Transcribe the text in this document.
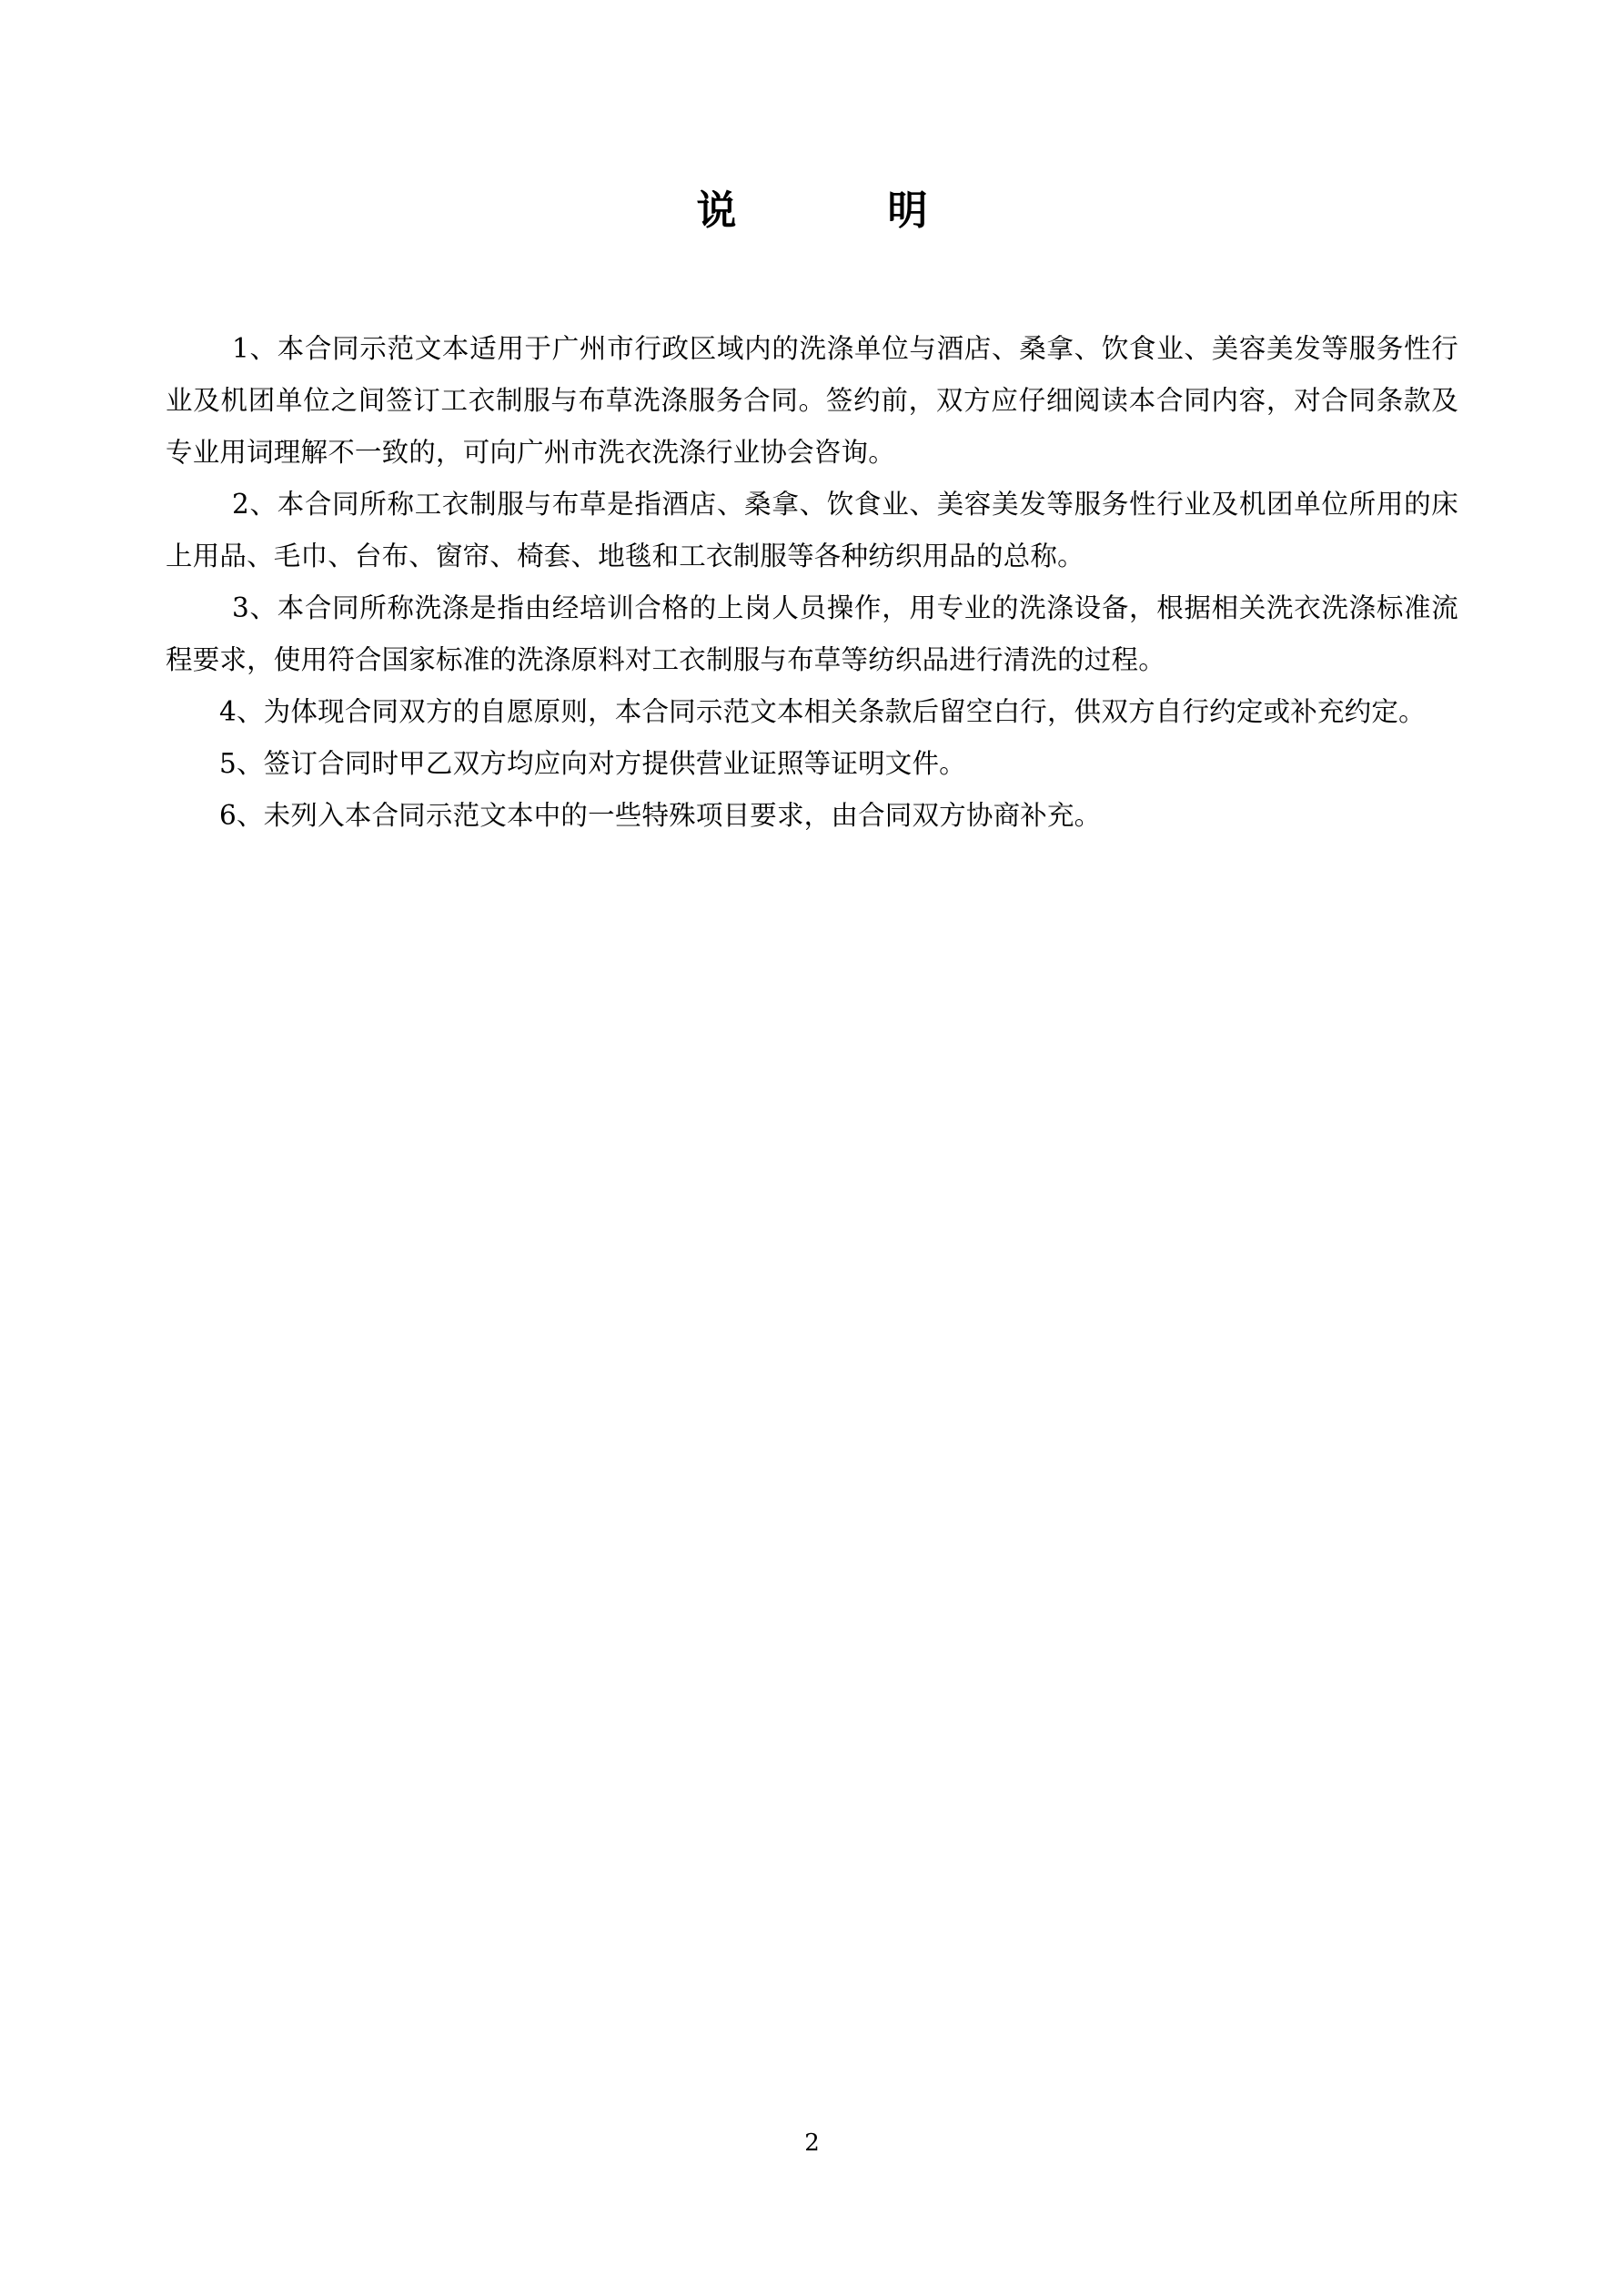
说　　明

1、本合同示范文本适用于广州市行政区域内的洗涤单位与酒店、桑拿、饮食业、美容美发等服务性行业及机团单位之间签订工衣制服与布草洗涤服务合同。签约前，双方应仔细阅读本合同内容，对合同条款及专业用词理解不一致的，可向广州市洗衣洗涤行业协会咨询。

2、本合同所称工衣制服与布草是指酒店、桑拿、饮食业、美容美发等服务性行业及机团单位所用的床上用品、毛巾、台布、窗帘、椅套、地毯和工衣制服等各种纺织用品的总称。

3、本合同所称洗涤是指由经培训合格的上岗人员操作，用专业的洗涤设备，根据相关洗衣洗涤标准流程要求，使用符合国家标准的洗涤原料对工衣制服与布草等纺织品进行清洗的过程。

4、为体现合同双方的自愿原则，本合同示范文本相关条款后留空白行，供双方自行约定或补充约定。

5、签订合同时甲乙双方均应向对方提供营业证照等证明文件。

6、未列入本合同示范文本中的一些特殊项目要求，由合同双方协商补充。

2
